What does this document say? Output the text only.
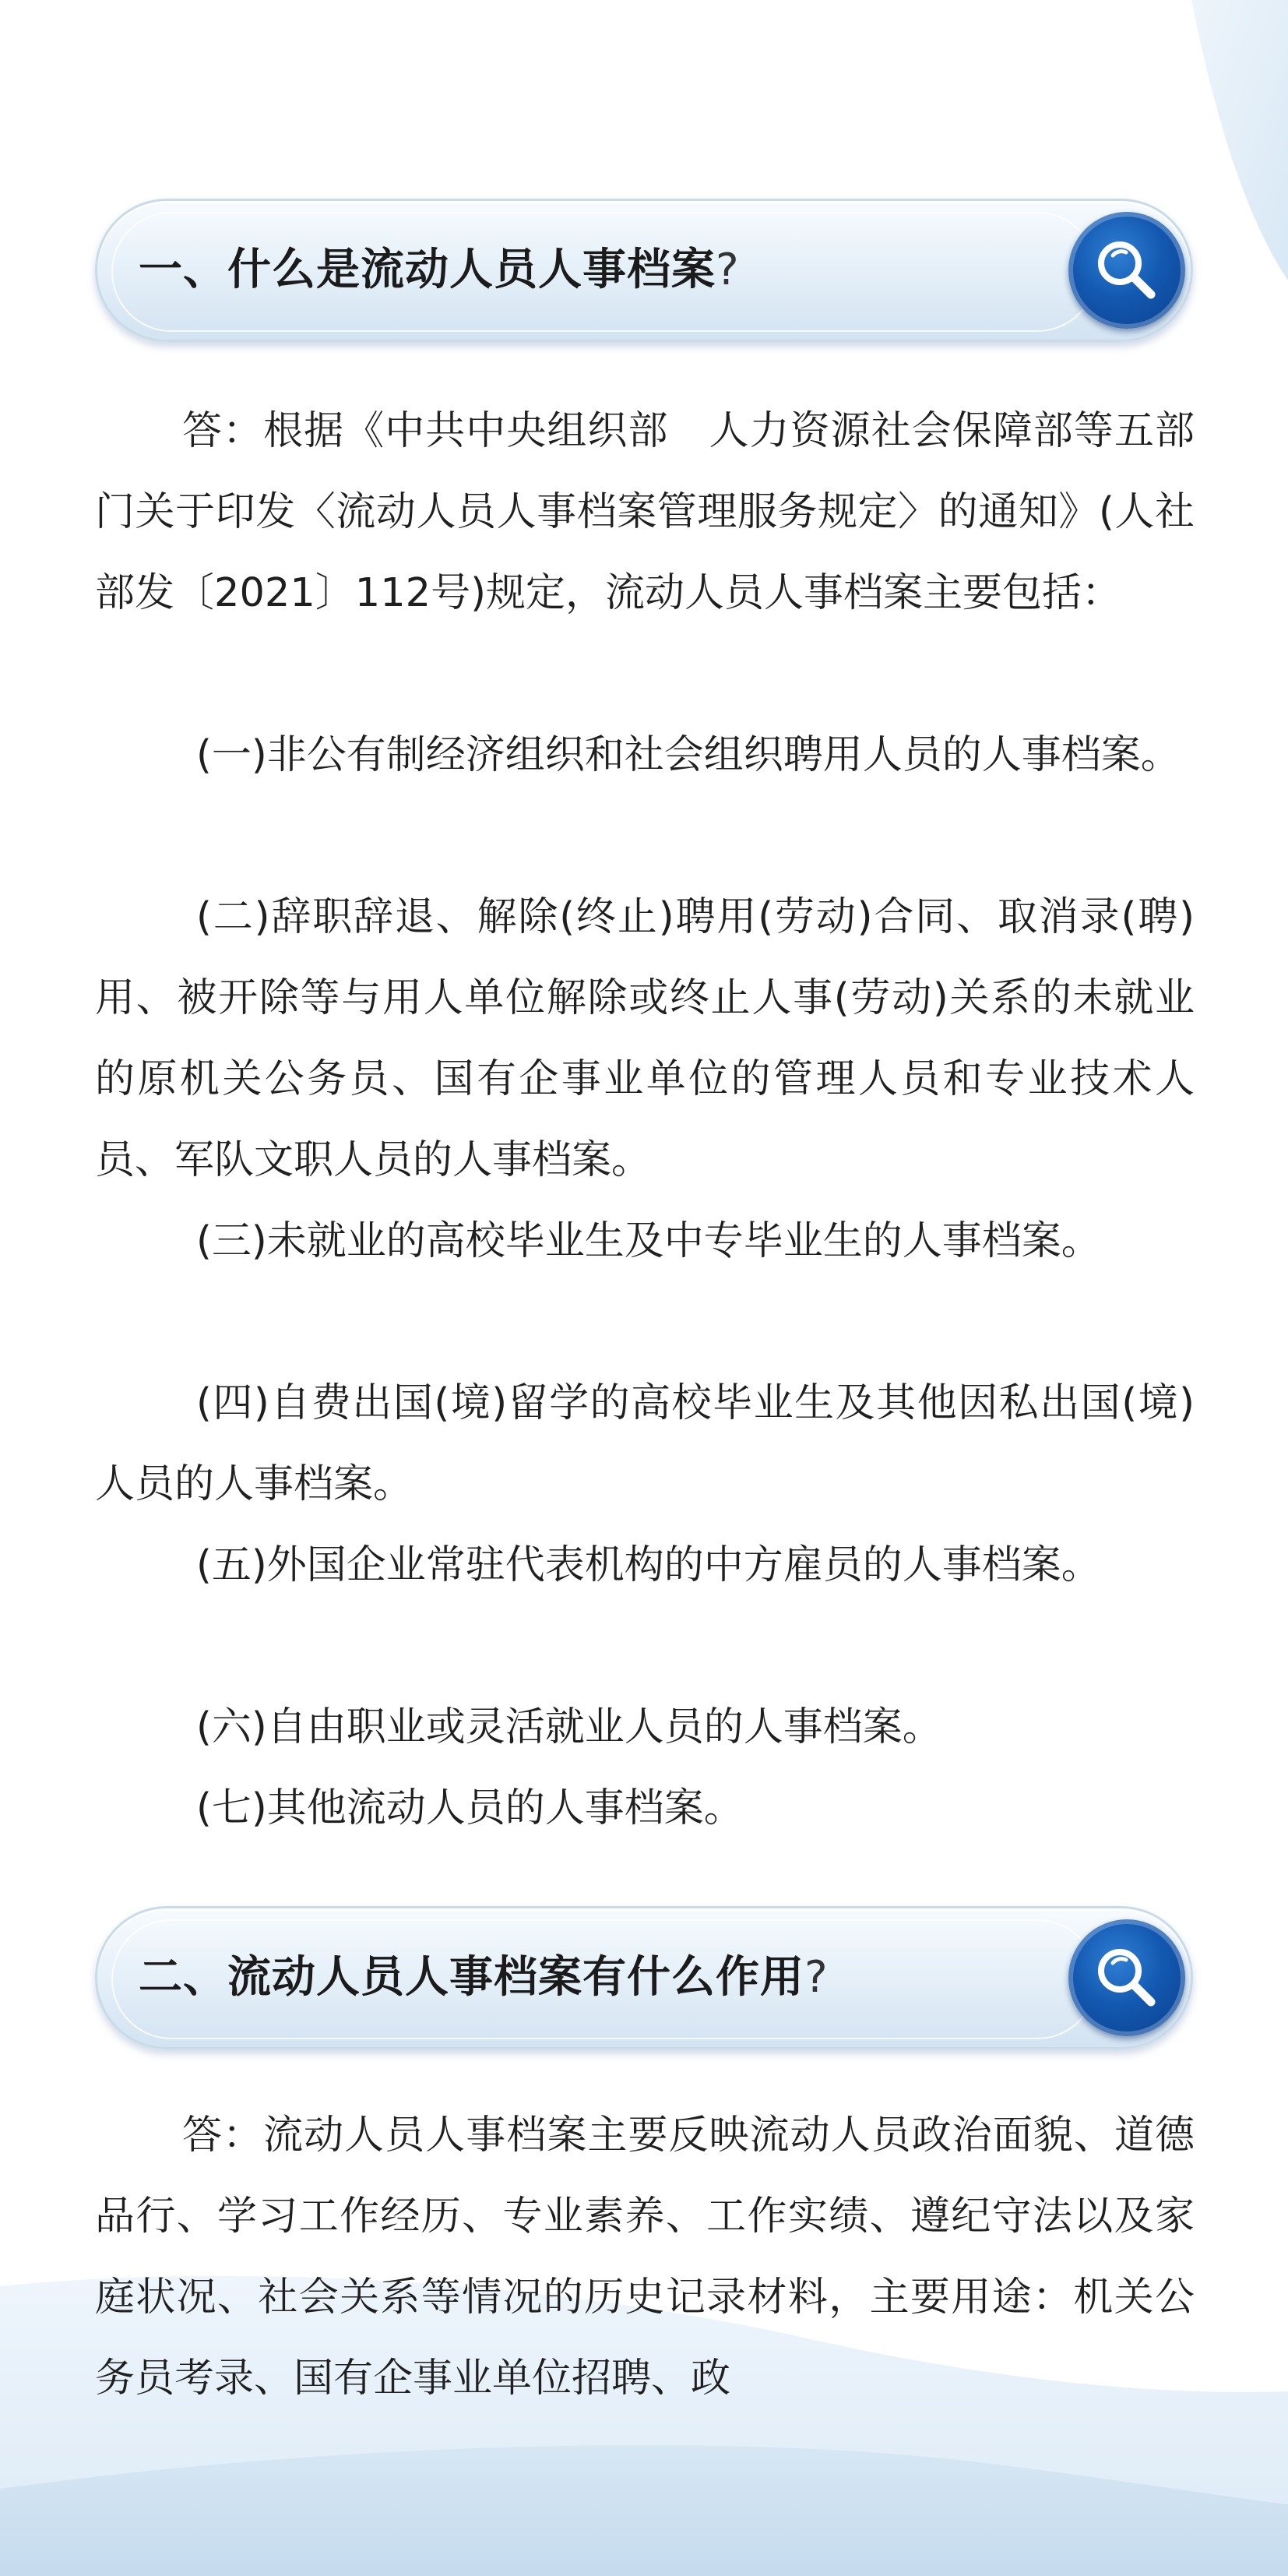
一、什么是流动人员人事档案?

答：根据《中共中央组织部　人力资源社会保障部等五部门关于印发〈流动人员人事档案管理服务规定〉的通知》(人社部发〔2021〕112号)规定，流动人员人事档案主要包括：

(一)非公有制经济组织和社会组织聘用人员的人事档案。

(二)辞职辞退、解除(终止)聘用(劳动)合同、取消录(聘)用、被开除等与用人单位解除或终止人事(劳动)关系的未就业的原机关公务员、国有企事业单位的管理人员和专业技术人员、军队文职人员的人事档案。

(三)未就业的高校毕业生及中专毕业生的人事档案。

(四)自费出国(境)留学的高校毕业生及其他因私出国(境)人员的人事档案。

(五)外国企业常驻代表机构的中方雇员的人事档案。

(六)自由职业或灵活就业人员的人事档案。

(七)其他流动人员的人事档案。

二、流动人员人事档案有什么作用?

答：流动人员人事档案主要反映流动人员政治面貌、道德品行、学习工作经历、专业素养、工作实绩、遵纪守法以及家庭状况、社会关系等情况的历史记录材料，主要用途：机关公务员考录、国有企事业单位招聘、政
